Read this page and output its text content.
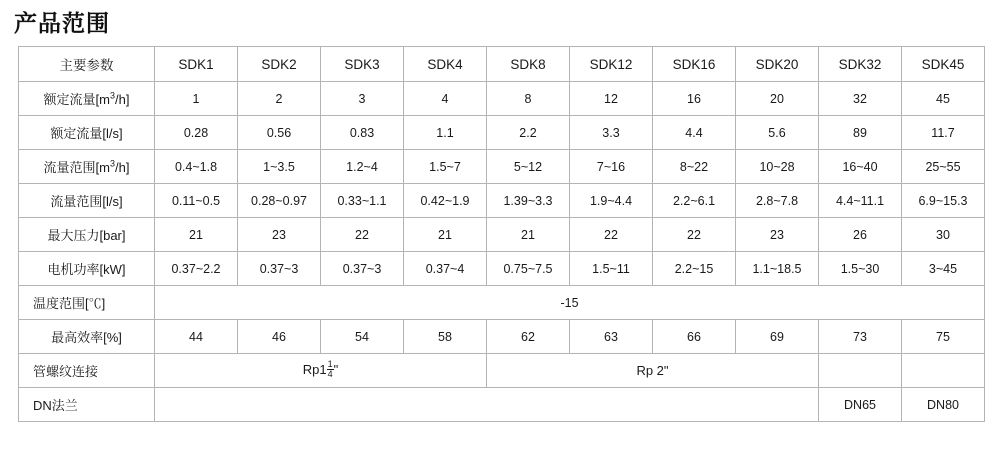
产品范围
主要参数	SDK1	SDK2	SDK3	SDK4	SDK8	SDK12	SDK16	SDK20	SDK32	SDK45
额定流量$[m^3/h]$	1	2	3	4	8	12	16	20	32	45
额定流量[l/s]	0.28	0.56	0.83	1.1	2.2	3.3	4.4	5.6	89	11.7
流量范围$[m^3/h]$	0.4~1.8	1~3.5	1.2~4	1.5~7	5~12	7~16	8~22	10~28	16~40	25~55
流量范围[l/s]	0.11~0.5	0.28~0.97	0.33~1.1	0.42~1.9	1.39~3.3	1.9~4.4	2.2~6.1	2.8~7.8	4.4~11.1	6.9~15.3
最大压力[bar]	21	23	22	21	21	22	22	23	26	30
电机功率[kW]	0.37~2.2	0.37~3	0.37~3	0.37~4	0.75~7.5	1.5~11	2.2~15	1.1~18.5	1.5~30	3~45
温度范围[℃]	-15									
最高效率[%]	44	46	54	58	62	63	66	69	73	75
管螺纹连接	$Rp1 \frac{1}{4}$ "				Rp 2"					
DN法兰									DN65	DN80
